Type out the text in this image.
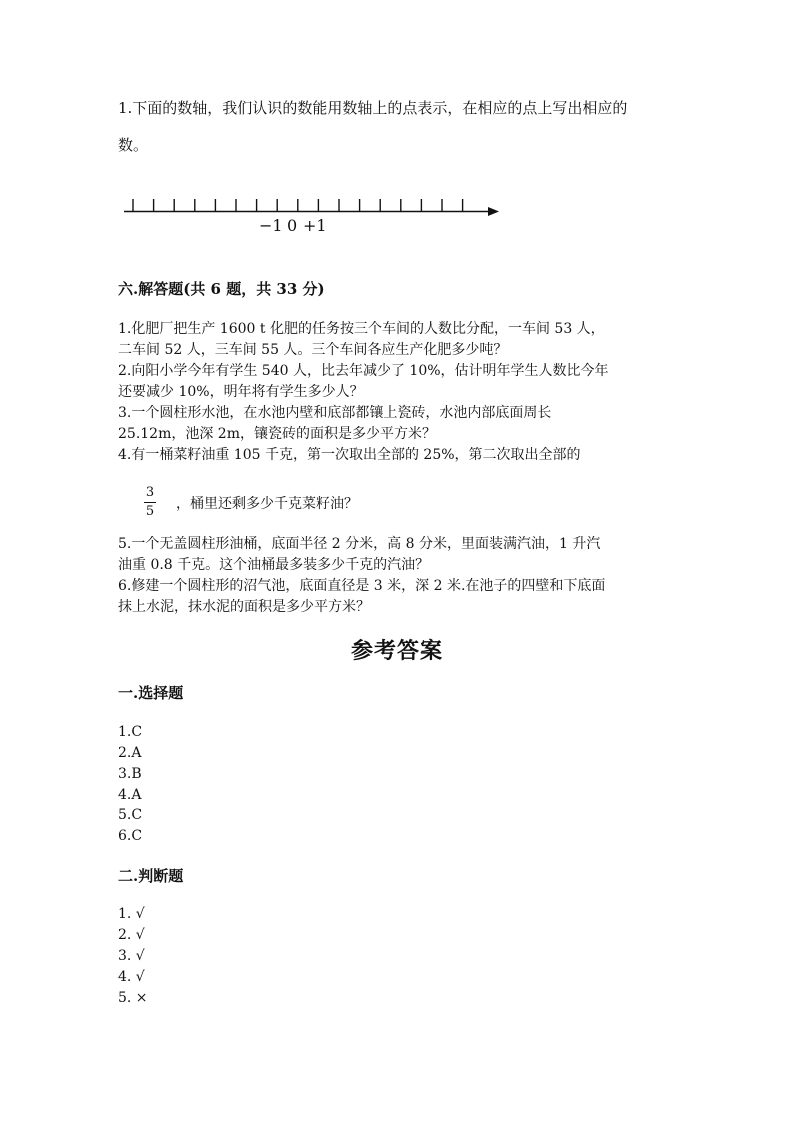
1.下面的数轴，我们认识的数能用数轴上的点表示，在相应的点上写出相应的
数。
−1 0 +1
六.解答题(共 6 题，共 33 分)
1.化肥厂把生产 1600 t 化肥的任务按三个车间的人数比分配，一车间 53 人，
二车间 52 人，三车间 55 人。三个车间各应生产化肥多少吨？
2.向阳小学今年有学生 540 人，比去年减少了 10%，估计明年学生人数比今年
还要减少 10%，明年将有学生多少人？
3.一个圆柱形水池，在水池内壁和底部都镶上瓷砖，水池内部底面周长
25.12m，池深 2m，镶瓷砖的面积是多少平方米？
4.有一桶菜籽油重 105 千克，第一次取出全部的 25%，第二次取出全部的
3
5	，桶里还剩多少千克菜籽油？
5.一个无盖圆柱形油桶，底面半径 2 分米，高 8 分米，里面装满汽油，1 升汽
油重 0.8 千克。这个油桶最多装多少千克的汽油？
6.修建一个圆柱形的沼气池，底面直径是 3 米，深 2 米.在池子的四壁和下底面
抹上水泥，抹水泥的面积是多少平方米？
参考答案
一.选择题
1.C
2.A
3.B
4.A
5.C
6.C
二.判断题
1. √
2. √
3. √
4. √
5. ×
